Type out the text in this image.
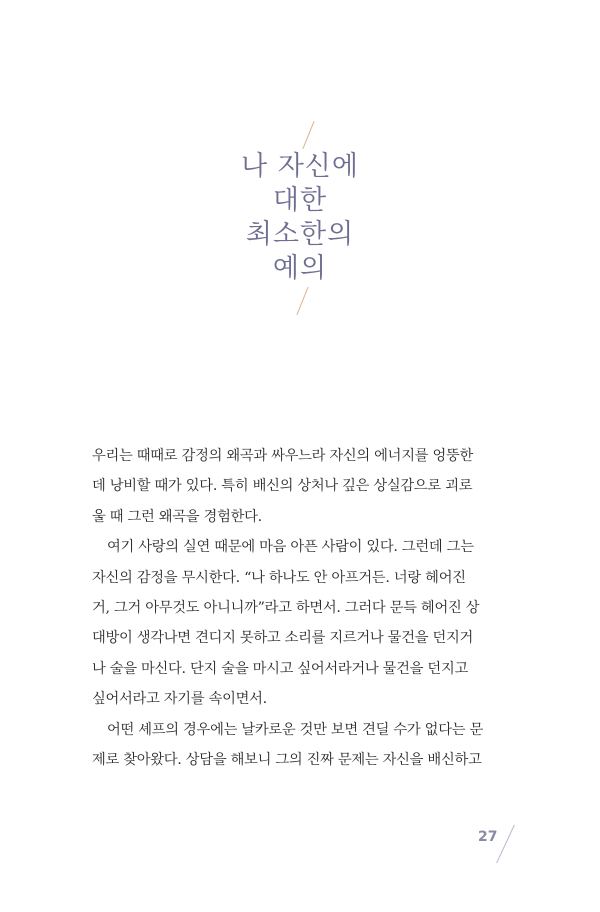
나 자신에
대한
최소한의
예의
우리는 때때로 감정의 왜곡과 싸우느라 자신의 에너지를 엉뚱한
데 낭비할 때가 있다. 특히 배신의 상처나 깊은 상실감으로 괴로
울 때 그런 왜곡을 경험한다.
여기 사랑의 실연 때문에 마음 아픈 사람이 있다. 그런데 그는
자신의 감정을 무시한다. “나 하나도 안 아프거든. 너랑 헤어진
거, 그거 아무것도 아니니까”라고 하면서. 그러다 문득 헤어진 상
대방이 생각나면 견디지 못하고 소리를 지르거나 물건을 던지거
나 술을 마신다. 단지 술을 마시고 싶어서라거나 물건을 던지고
싶어서라고 자기를 속이면서.
어떤 셰프의 경우에는 날카로운 것만 보면 견딜 수가 없다는 문
제로 찾아왔다. 상담을 해보니 그의 진짜 문제는 자신을 배신하고
27
